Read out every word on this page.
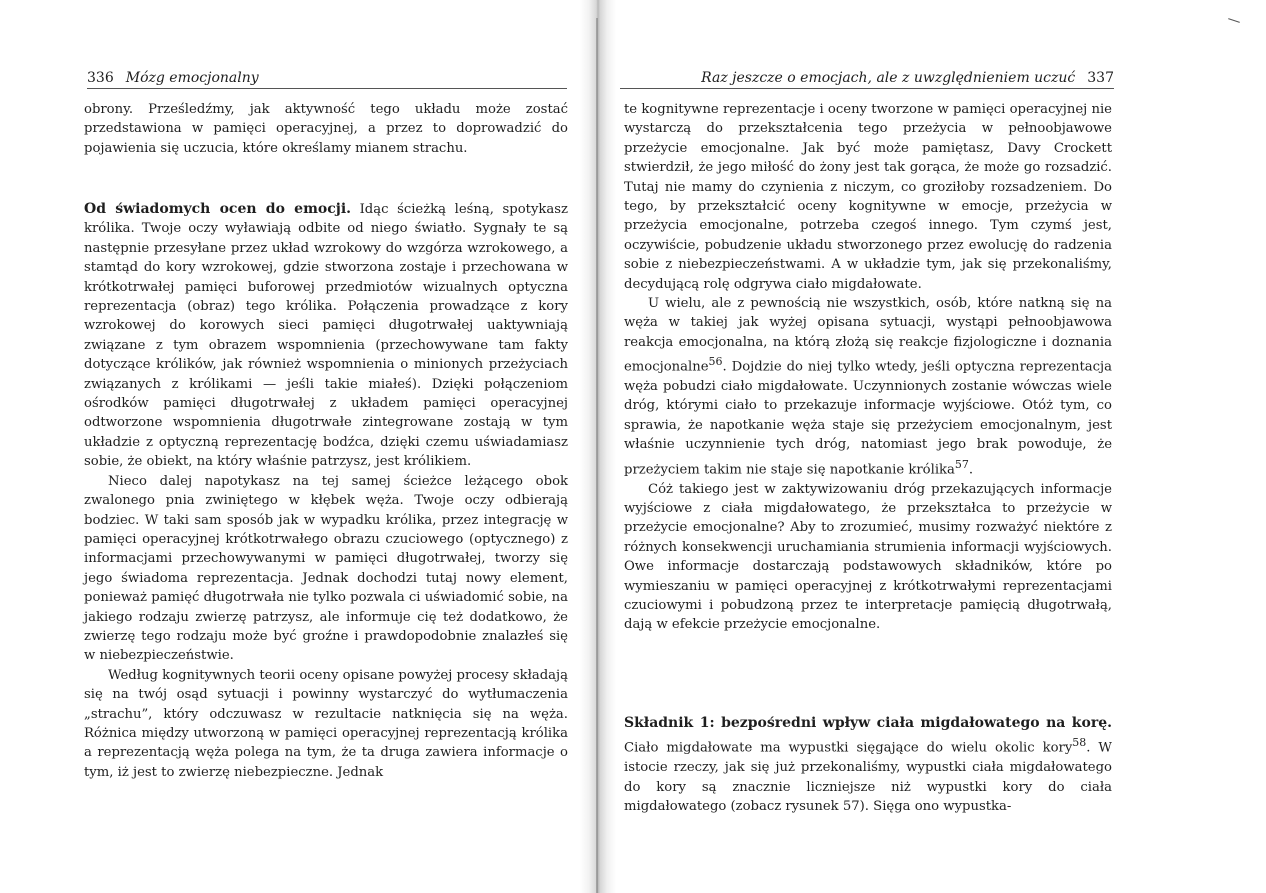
336 Mózg emocjonalny

obrony. Prześledźmy, jak aktywność tego układu może zostać przedstawiona w pamięci operacyjnej, a przez to doprowadzić do pojawienia się uczucia, które określamy mianem strachu.

Od świadomych ocen do emocji. Idąc ścieżką leśną, spotykasz królika. Twoje oczy wyławiają odbite od niego światło. Sygnały te są następnie przesyłane przez układ wzrokowy do wzgórza wzrokowego, a stamtąd do kory wzrokowej, gdzie stworzona zostaje i przechowana w krótkotrwałej pamięci buforowej przedmiotów wizualnych optyczna reprezentacja (obraz) tego królika. Połączenia prowadzące z kory wzrokowej do korowych sieci pamięci długotrwałej uaktywniają związane z tym obrazem wspomnienia (przechowywane tam fakty dotyczące królików, jak również wspomnienia o minionych przeżyciach związanych z królikami — jeśli takie miałeś). Dzięki połączeniom ośrodków pamięci długotrwałej z układem pamięci operacyjnej odtworzone wspomnienia długotrwałe zintegrowane zostają w tym układzie z optyczną reprezentację bodźca, dzięki czemu uświadamiasz sobie, że obiekt, na który właśnie patrzysz, jest królikiem.

Nieco dalej napotykasz na tej samej ścieżce leżącego obok zwalonego pnia zwiniętego w kłębek węża. Twoje oczy odbierają bodziec. W taki sam sposób jak w wypadku królika, przez integrację w pamięci operacyjnej krótkotrwałego obrazu czuciowego (optycznego) z informacjami przechowywanymi w pamięci długotrwałej, tworzy się jego świadoma reprezentacja. Jednak dochodzi tutaj nowy element, ponieważ pamięć długotrwała nie tylko pozwala ci uświadomić sobie, na jakiego rodzaju zwierzę patrzysz, ale informuje cię też dodatkowo, że zwierzę tego rodzaju może być groźne i prawdopodobnie znalazłeś się w niebezpieczeństwie.

Według kognitywnych teorii oceny opisane powyżej procesy składają się na twój osąd sytuacji i powinny wystarczyć do wytłumaczenia „strachu”, który odczuwasz w rezultacie natknięcia się na węża. Różnica między utworzoną w pamięci operacyjnej reprezentacją królika a reprezentacją węża polega na tym, że ta druga zawiera informacje o tym, iż jest to zwierzę niebezpieczne. Jednak

Raz jeszcze o emocjach, ale z uwzględnieniem uczuć 337

te kognitywne reprezentacje i oceny tworzone w pamięci operacyjnej nie wystarczą do przekształcenia tego przeżycia w pełnoobjawowe przeżycie emocjonalne. Jak być może pamiętasz, Davy Crockett stwierdził, że jego miłość do żony jest tak gorąca, że może go rozsadzić. Tutaj nie mamy do czynienia z niczym, co groziłoby rozsadzeniem. Do tego, by przekształcić oceny kognitywne w emocje, przeżycia w przeżycia emocjonalne, potrzeba czegoś innego. Tym czymś jest, oczywiście, pobudzenie układu stworzonego przez ewolucję do radzenia sobie z niebezpieczeństwami. A w układzie tym, jak się przekonaliśmy, decydującą rolę odgrywa ciało migdałowate.

U wielu, ale z pewnością nie wszystkich, osób, które natkną się na węża w takiej jak wyżej opisana sytuacji, wystąpi pełnoobjawowa reakcja emocjonalna, na którą złożą się reakcje fizjologiczne i doznania emocjonalne$^{56}$. Dojdzie do niej tylko wtedy, jeśli optyczna reprezentacja węża pobudzi ciało migdałowate. Uczynnionych zostanie wówczas wiele dróg, którymi ciało to przekazuje informacje wyjściowe. Otóż tym, co sprawia, że napotkanie węża staje się przeżyciem emocjonalnym, jest właśnie uczynnienie tych dróg, natomiast jego brak powoduje, że przeżyciem takim nie staje się napotkanie królika$^{57}$.

Cóż takiego jest w zaktywizowaniu dróg przekazujących informacje wyjściowe z ciała migdałowatego, że przekształca to przeżycie w przeżycie emocjonalne? Aby to zrozumieć, musimy rozważyć niektóre z różnych konsekwencji uruchamiania strumienia informacji wyjściowych. Owe informacje dostarczają podstawowych składników, które po wymieszaniu w pamięci operacyjnej z krótkotrwałymi reprezentacjami czuciowymi i pobudzoną przez te interpretacje pamięcią długotrwałą, dają w efekcie przeżycie emocjonalne.

Składnik 1: bezpośredni wpływ ciała migdałowatego na korę. Ciało migdałowate ma wypustki sięgające do wielu okolic kory$^{58}$. W istocie rzeczy, jak się już przekonaliśmy, wypustki ciała migdałowatego do kory są znacznie liczniejsze niż wypustki kory do ciała migdałowatego (zobacz rysunek 57). Sięga ono wypustka-
